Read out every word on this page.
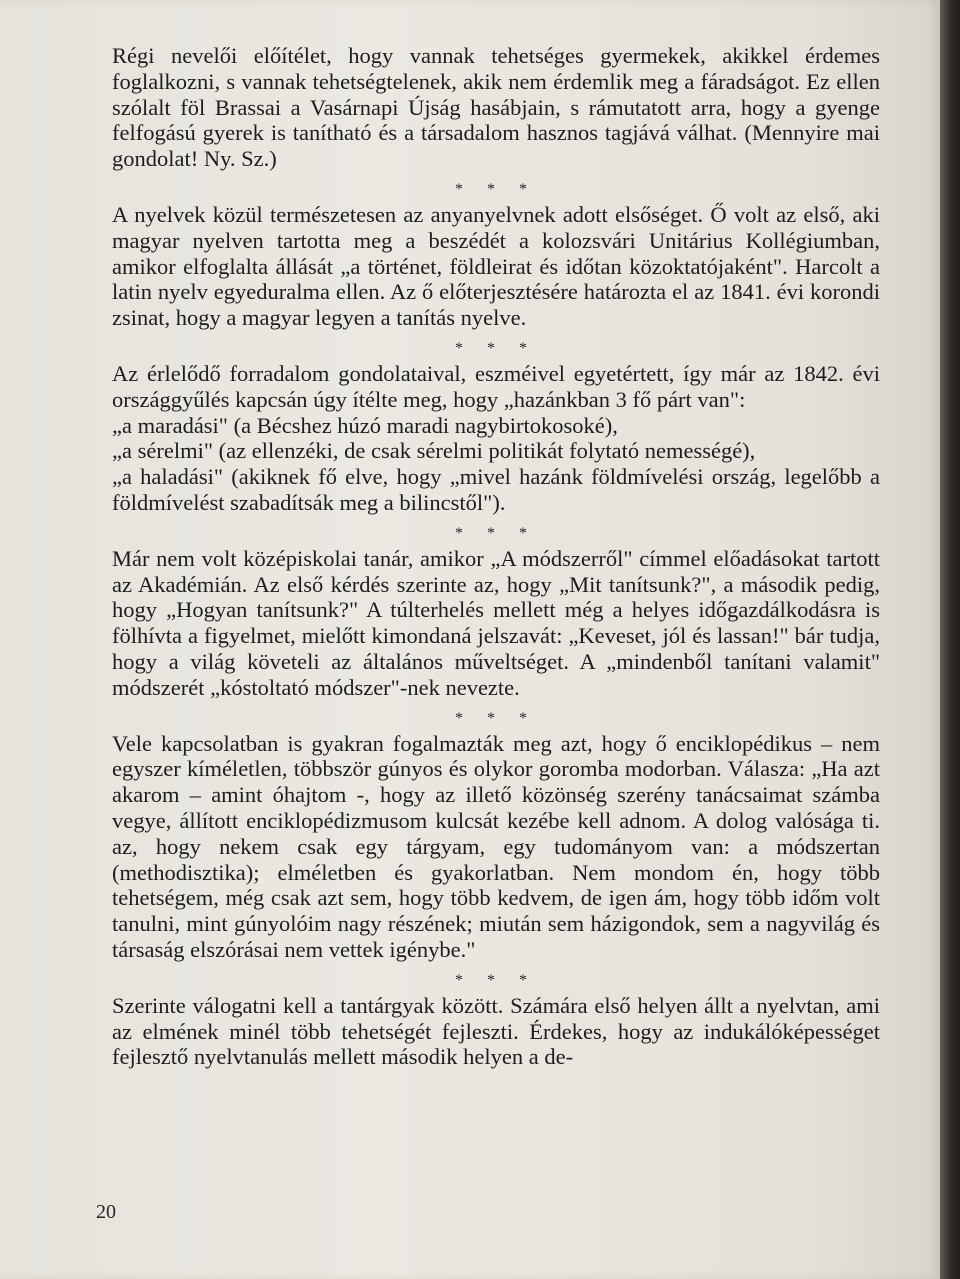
Régi nevelői előítélet, hogy vannak tehetséges gyermekek, akikkel érdemes foglalkozni, s vannak tehetségtelenek, akik nem érdemlik meg a fáradságot. Ez ellen szólalt föl Brassai a Vasárnapi Újság hasábjain, s rámutatott arra, hogy a gyenge felfogású gyerek is tanítható és a társadalom hasznos tagjává válhat. (Mennyire mai gondolat! Ny. Sz.)

* * *

A nyelvek közül természetesen az anyanyelvnek adott elsőséget. Ő volt az első, aki magyar nyelven tartotta meg a beszédét a kolozsvári Unitárius Kollégiumban, amikor elfoglalta állását „a történet, földleirat és időtan közoktatójaként". Harcolt a latin nyelv egyeduralma ellen. Az ő előterjesztésére határozta el az 1841. évi korondi zsinat, hogy a magyar legyen a tanítás nyelve.

* * *

Az érlelődő forradalom gondolataival, eszméivel egyetértett, így már az 1842. évi országgyűlés kapcsán úgy ítélte meg, hogy „hazánkban 3 fő párt van":

„a maradási" (a Bécshez húzó maradi nagybirtokosoké),

„a sérelmi" (az ellenzéki, de csak sérelmi politikát folytató nemességé),

„a haladási" (akiknek fő elve, hogy „mivel hazánk földmívelési ország, legelőbb a földmívelést szabadítsák meg a bilincstől").

* * *

Már nem volt középiskolai tanár, amikor „A módszerről" címmel előadásokat tartott az Akadémián. Az első kérdés szerinte az, hogy „Mit tanítsunk?", a második pedig, hogy „Hogyan tanítsunk?" A túlterhelés mellett még a helyes időgazdálkodásra is fölhívta a figyelmet, mielőtt kimondaná jelszavát: „Keveset, jól és lassan!" bár tudja, hogy a világ követeli az általános műveltséget. A „mindenből tanítani valamit" módszerét „kóstoltató módszer"-nek nevezte.

* * *

Vele kapcsolatban is gyakran fogalmazták meg azt, hogy ő enciklopédikus – nem egyszer kíméletlen, többször gúnyos és olykor goromba modorban. Válasza: „Ha azt akarom – amint óhajtom -, hogy az illető közönség szerény tanácsaimat számba vegye, állított enciklopédizmusom kulcsát kezébe kell adnom. A dolog valósága ti. az, hogy nekem csak egy tárgyam, egy tudományom van: a módszertan (methodisztika); elméletben és gyakorlatban. Nem mondom én, hogy több tehetségem, még csak azt sem, hogy több kedvem, de igen ám, hogy több időm volt tanulni, mint gúnyolóim nagy részének; miután sem házigondok, sem a nagyvilág és társaság elszórásai nem vettek igénybe."

* * *

Szerinte válogatni kell a tantárgyak között. Számára első helyen állt a nyelvtan, ami az elmének minél több tehetségét fejleszti. Érdekes, hogy az indukálóképességet fejlesztő nyelvtanulás mellett második helyen a de-

20
